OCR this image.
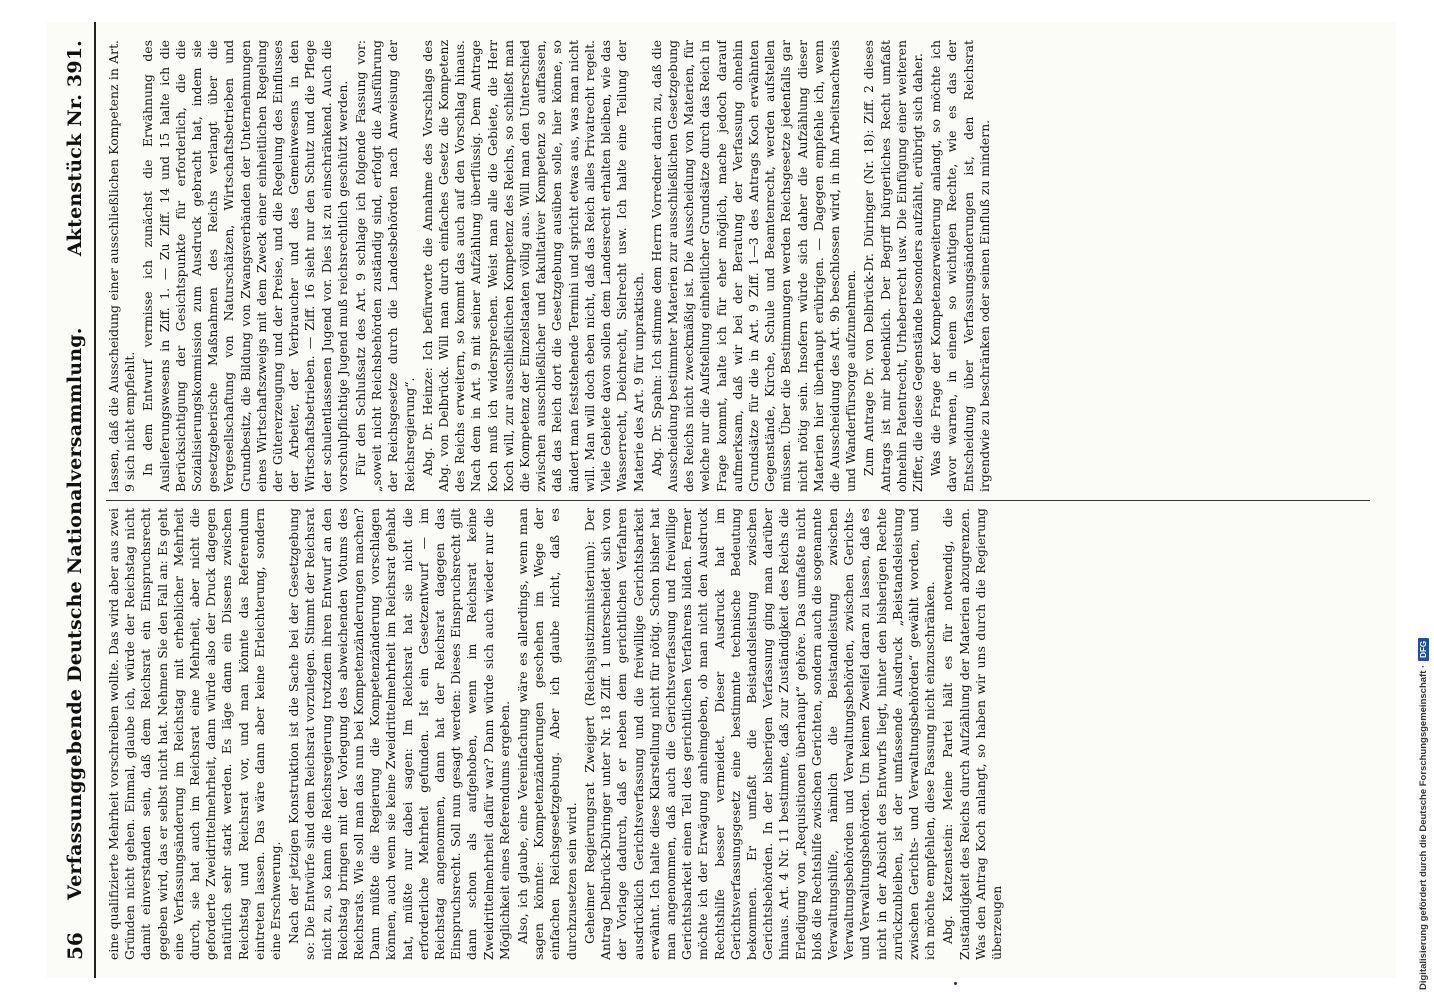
56
Verfassunggebende Deutsche Nationalversammlung.
Aktenstück Nr. 391.

eine qualifizierte Mehrheit vorschreiben wollte. Das wird aber aus zwei Gründen nicht gehen. Einmal, glaube ich, würde der Reichstag nicht damit einverstanden sein, daß dem Reichsrat ein Einspruchsrecht gegeben wird, das er selbst nicht hat. Nehmen Sie den Fall an: Es geht eine Verfassungsänderung im Reichstag mit erheblicher Mehrheit durch, sie hat auch im Reichsrat eine Mehrheit, aber nicht die geforderte Zweidrittelmehrheit, dann würde also der Druck dagegen natürlich sehr stark werden. Es läge dann ein Dissens zwischen Reichstag und Reichsrat vor, und man könnte das Referendum eintreten lassen. Das wäre dann aber keine Erleichterung, sondern eine Erschwerung. Nach der jetzigen Konstruktion ist die Sache bei der Gesetzgebung so: Die Entwürfe sind dem Reichsrat vorzulegen. Stimmt der Reichsrat nicht zu, so kann die Reichsregierung trotzdem ihren Entwurf an den Reichstag bringen mit der Vorlegung des abweichenden Votums des Reichsrats. Wie soll man das nun bei Kompetenzänderungen machen? Dann müßte die Regierung die Kompetenzänderung vorschlagen können, auch wenn sie keine Zweidrittelmehrheit im Reichsrat gehabt hat, müßte nur dabei sagen: Im Reichsrat hat sie nicht die erforderliche Mehrheit gefunden. Ist ein Gesetzentwurf — im Reichstag angenommen, dann hat der Reichsrat dagegen das Einspruchsrecht. Soll nun gesagt werden: Dieses Einspruchsrecht gilt dann schon als aufgehoben, wenn im Reichsrat keine Zweidrittelmehrheit dafür war? Dann würde sich auch wieder nur die Möglichkeit eines Referendums ergeben. Also, ich glaube, eine Vereinfachung wäre es allerdings, wenn man sagen könnte: Kompetenzänderungen geschehen im Wege der einfachen Reichsgesetzgebung. Aber ich glaube nicht, daß es durchzusetzen sein wird. Geheimer Regierungsrat Zweigert (Reichsjustizministerium): Der Antrag Delbrück-Düringer unter Nr. 18 Ziff. 1 unterscheidet sich von der Vorlage dadurch, daß er neben dem gerichtlichen Verfahren ausdrücklich Gerichtsverfassung und die freiwillige Gerichtsbarkeit erwähnt. Ich halte diese Klarstellung nicht für nötig. Schon bisher hat man angenommen, daß auch die Gerichtsverfassung und freiwillige Gerichtsbarkeit einen Teil des gerichtlichen Verfahrens bilden. Ferner möchte ich der Erwägung anheimgeben, ob man nicht den Ausdruck Rechtshilfe besser vermeidet. Dieser Ausdruck hat im Gerichtsverfassungsgesetz eine bestimmte technische Bedeutung bekommen. Er umfaßt die Beistandsleistung zwischen Gerichtsbehörden. In der bisherigen Verfassung ging man darüber hinaus. Art. 4 Nr. 11 bestimmte, daß zur Zuständigkeit des Reichs die Erledigung von „Requisitionen überhaupt“ gehöre. Das umfaßte nicht bloß die Rechtshilfe zwischen Gerichten, sondern auch die sogenannte Verwaltungshilfe, nämlich die Beistandleistung zwischen Verwaltungsbehörden und Verwaltungsbehörden, zwischen Gerichts- und Verwaltungsbehörden. Um keinen Zweifel daran zu lassen, daß es nicht in der Absicht des Entwurfs liegt, hinter den bisherigen Rechte zurückzubleiben, ist der umfassende Ausdruck „Beistandsleistung zwischen Gerichts- und Verwaltungsbehörden“ gewählt worden, und ich möchte empfehlen, diese Fassung nicht einzuschränken. Abg. Katzenstein: Meine Partei hält es für notwendig, die Zuständigkeit des Reichs durch Aufzählung der Materien abzugrenzen. Was den Antrag Koch anlangt, so haben wir uns durch die Regierung überzeugen

lassen, daß die Ausscheidung einer ausschließlichen Kompetenz in Art. 9 sich nicht empfiehlt. In dem Entwurf vermisse ich zunächst die Erwähnung des Auslieferungswesens in Ziff. 1. — Zu Ziff. 14 und 15 halte ich die Berücksichtigung der Gesichtspunkte für erforderlich, die die Sozialisierungskommission zum Ausdruck gebracht hat, indem sie gesetzgeberische Maßnahmen des Reichs verlangt über die Vergesellschaftung von Naturschätzen, Wirtschaftsbetrieben und Grundbesitz, die Bildung von Zwangsverbänden der Unternehmungen eines Wirtschaftszweigs mit dem Zweck einer einheitlichen Regelung der Gütererzeugung und der Preise, und die Regelung des Einflusses der Arbeiter, der Verbraucher und des Gemeinwesens in den Wirtschaftsbetrieben. — Ziff. 16 sieht nur den Schutz und die Pflege der schulentlassenen Jugend vor. Dies ist zu einschränkend. Auch die vorschulpflichtige Jugend muß reichsrechtlich geschützt werden. Für den Schlußsatz des Art. 9 schlage ich folgende Fassung vor: „soweit nicht Reichsbehörden zuständig sind, erfolgt die Ausführung der Reichsgesetze durch die Landesbehörden nach Anweisung der Reichsregierung“. Abg. Dr. Heinze: Ich befürworte die Annahme des Vorschlags des Abg. von Delbrück. Will man durch einfaches Gesetz die Kompetenz des Reichs erweitern, so kommt das auch auf den Vorschlag hinaus. Nach dem in Art. 9 mit seiner Aufzählung überflüssig. Dem Antrage Koch muß ich widersprechen. Weist man alle die Gebiete, die Herr Koch will, zur ausschließlichen Kompetenz des Reichs, so schließt man die Kompetenz der Einzelstaaten völlig aus. Will man den Unterschied zwischen ausschließlicher und fakultativer Kompetenz so auffassen, daß das Reich dort die Gesetzgebung ausüben solle, hier könne, so ändert man feststehende Termini und spricht etwas aus, was man nicht will. Man will doch eben nicht, daß das Reich alles Privatrecht regelt. Viele Gebiete davon sollen dem Landesrecht erhalten bleiben, wie das Wasserrecht, Deichrecht, Sielrecht usw. Ich halte eine Teilung der Materie des Art. 9 für unpraktisch. Abg. Dr. Spahn: Ich stimme dem Herrn Vorredner darin zu, daß die Ausscheidung bestimmter Materien zur ausschließlichen Gesetzgebung des Reichs nicht zweckmäßig ist. Die Ausscheidung von Materien, für welche nur die Aufstellung einheitlicher Grundsätze durch das Reich in Frage kommt, halte ich für eher möglich, mache jedoch darauf aufmerksam, daß wir bei der Beratung der Verfassung ohnehin Grundsätze für die in Art. 9 Ziff. 1—3 des Antrags Koch erwähnten Gegenstände, Kirche, Schule und Beamtenrecht, werden aufstellen müssen. Über die Bestimmungen werden Reichsgesetze jedenfalls gar nicht nötig sein. Insofern würde sich daher die Aufzählung dieser Materien hier überhaupt erübrigen. — Dagegen empfehle ich, wenn die Ausscheidung des Art. 9b beschlossen wird, in ihn Arbeitsnachweis und Wanderfürsorge aufzunehmen. Zum Antrage Dr. von Delbrück-Dr. Düringer (Nr. 18): Ziff. 2 dieses Antrags ist mir bedenklich. Der Begriff bürgerliches Recht umfaßt ohnehin Patentrecht, Urheberrecht usw. Die Einfügung einer weiteren Ziffer, die diese Gegenstände besonders aufzählt, erübrigt sich daher. Was die Frage der Kompetenzerweiterung anlangt, so möchte ich davor warnen, in einem so wichtigen Rechte, wie es das der Entscheidung über Verfassungsänderungen ist, den Reichsrat irgendwie zu beschränken oder seinen Einfluß zu mindern.

Digitalisierung gefördert durch die Deutsche Forschungsgemeinschaft ·
DFG
